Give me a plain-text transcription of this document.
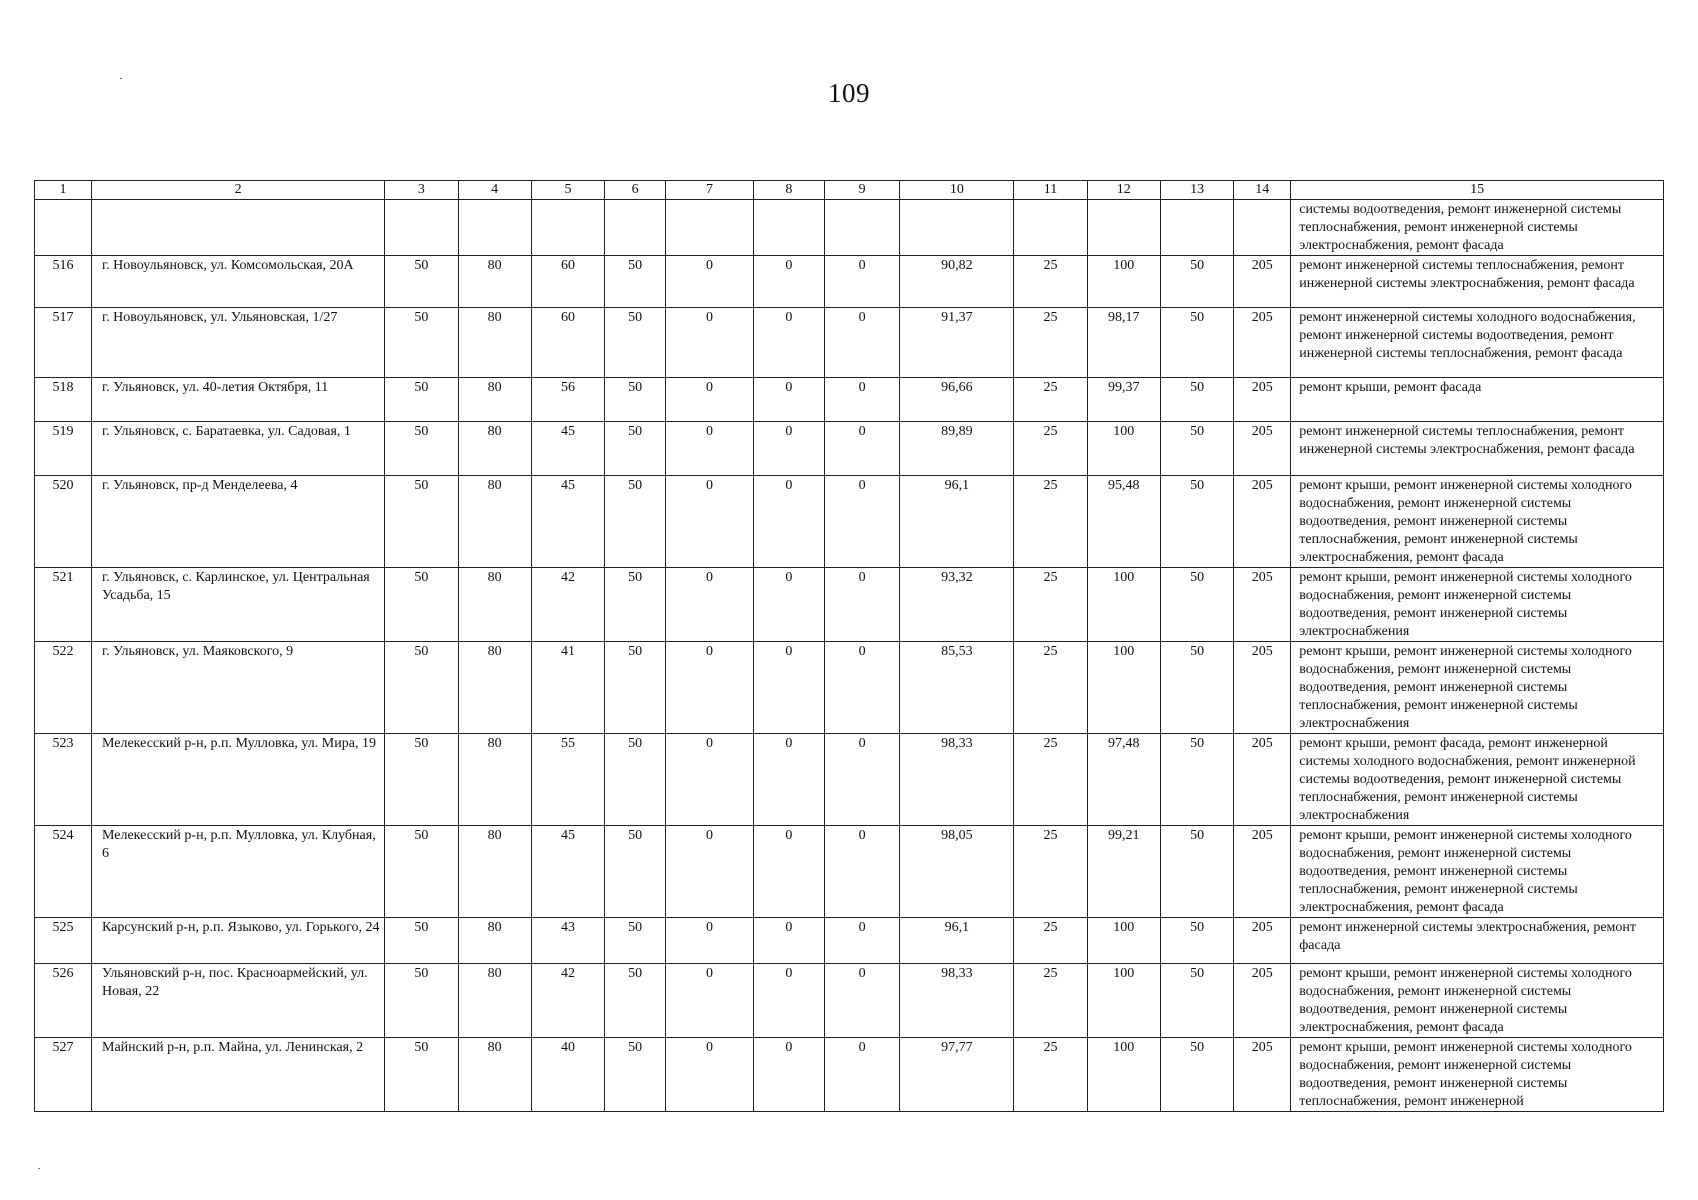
109
1	2	3	4	5	6	7	8	9	10	11	12	13	14	15
														системы водоотведения, ремонт инженерной системы теплоснабжения, ремонт инженерной системы электроснабжения, ремонт фасада
516	г. Новоульяновск, ул. Комсомольская, 20А	50	80	60	50	0	0	0	90,82	25	100	50	205	ремонт инженерной системы теплоснабжения, ремонт инженерной системы электроснабжения, ремонт фасада
517	г. Новоульяновск, ул. Ульяновская, 1/27	50	80	60	50	0	0	0	91,37	25	98,17	50	205	ремонт инженерной системы холодного водоснабжения, ремонт инженерной системы водоотведения, ремонт инженерной системы теплоснабжения, ремонт фасада
518	г. Ульяновск, ул. 40-летия Октября, 11	50	80	56	50	0	0	0	96,66	25	99,37	50	205	ремонт крыши, ремонт фасада
519	г. Ульяновск, с. Баратаевка, ул. Садовая, 1	50	80	45	50	0	0	0	89,89	25	100	50	205	ремонт инженерной системы теплоснабжения, ремонт инженерной системы электроснабжения, ремонт фасада
520	г. Ульяновск, пр-д Менделеева, 4	50	80	45	50	0	0	0	96,1	25	95,48	50	205	ремонт крыши, ремонт инженерной системы холодного водоснабжения, ремонт инженерной системы водоотведения, ремонт инженерной системы теплоснабжения, ремонт инженерной системы электроснабжения, ремонт фасада
521	г. Ульяновск, с. Карлинское, ул. Центральная Усадьба, 15	50	80	42	50	0	0	0	93,32	25	100	50	205	ремонт крыши, ремонт инженерной системы холодного водоснабжения, ремонт инженерной системы водоотведения, ремонт инженерной системы электроснабжения
522	г. Ульяновск, ул. Маяковского, 9	50	80	41	50	0	0	0	85,53	25	100	50	205	ремонт крыши, ремонт инженерной системы холодного водоснабжения, ремонт инженерной системы водоотведения, ремонт инженерной системы теплоснабжения, ремонт инженерной системы электроснабжения
523	Мелекесский р-н, р.п. Мулловка, ул. Мира, 19	50	80	55	50	0	0	0	98,33	25	97,48	50	205	ремонт крыши, ремонт фасада, ремонт инженерной системы холодного водоснабжения, ремонт инженерной системы водоотведения, ремонт инженерной системы теплоснабжения, ремонт инженерной системы электроснабжения
524	Мелекесский р-н, р.п. Мулловка, ул. Клубная, 6	50	80	45	50	0	0	0	98,05	25	99,21	50	205	ремонт крыши, ремонт инженерной системы холодного водоснабжения, ремонт инженерной системы водоотведения, ремонт инженерной системы теплоснабжения, ремонт инженерной системы электроснабжения, ремонт фасада
525	Карсунский р-н, р.п. Языково, ул. Горького, 24	50	80	43	50	0	0	0	96,1	25	100	50	205	ремонт инженерной системы электроснабжения, ремонт фасада
526	Ульяновский р-н, пос. Красноармейский, ул. Новая, 22	50	80	42	50	0	0	0	98,33	25	100	50	205	ремонт крыши, ремонт инженерной системы холодного водоснабжения, ремонт инженерной системы водоотведения, ремонт инженерной системы электроснабжения, ремонт фасада
527	Майнский р-н, р.п. Майна, ул. Ленинская, 2	50	80	40	50	0	0	0	97,77	25	100	50	205	ремонт крыши, ремонт инженерной системы холодного водоснабжения, ремонт инженерной системы водоотведения, ремонт инженерной системы теплоснабжения, ремонт инженерной
